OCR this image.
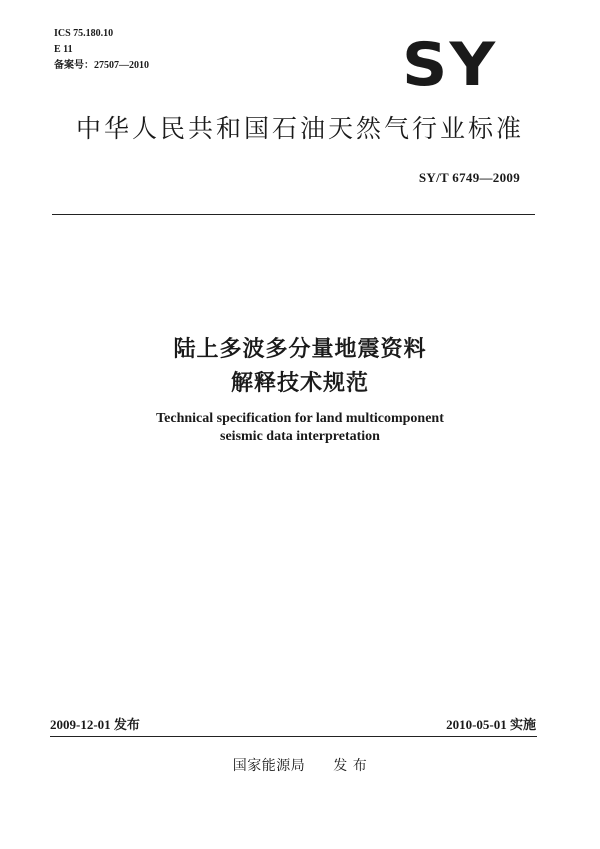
ICS 75.180.10
E 11
备案号：27507—2010	SY
中华人民共和国石油天然气行业标准
SY/T 6749—2009
陆上多波多分量地震资料
解释技术规范
Technical specification for land multicomponent
seismic data interpretation
2009-12-01 发布	2010-05-01 实施
国家能源局 发 布
